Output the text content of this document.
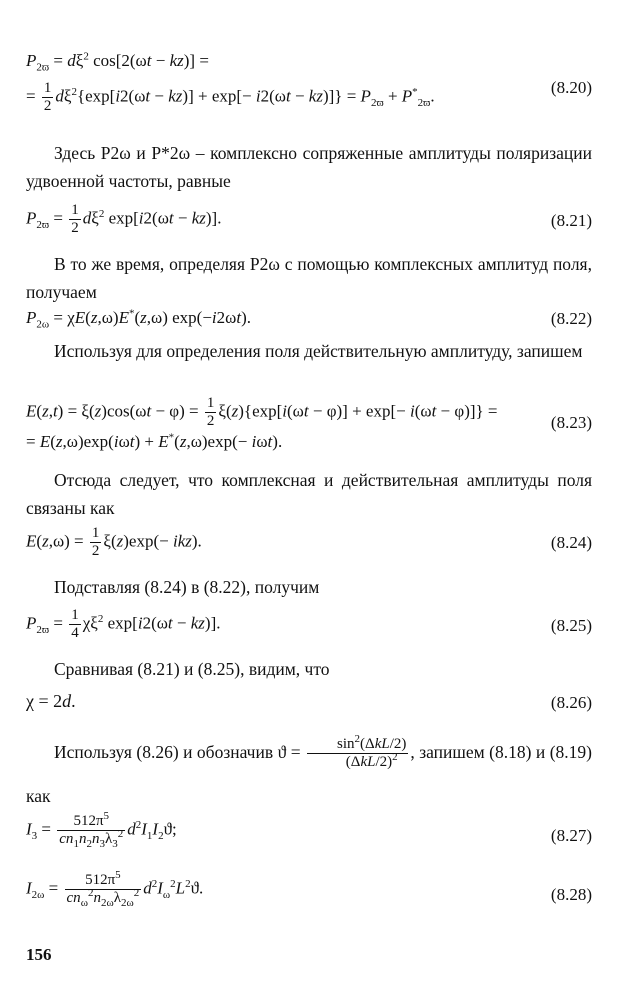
$P_{2ϖ} = d\xi^2$ cos[2(ωt − kz)] =
= $\frac{1}{2} d\xi^2\{\exp[i2(\omega t - kz)] + \exp[- i2(\omega t - kz)]\} = P_{2ϖ} + P^*_{2ϖ}$.	(8.20)
Здесь P2ω и P*2ω – комплексно сопряженные амплитуды поляризации удвоенной частоты, равные
$P_{2ϖ} = \frac{1}{2} d\xi^2$ exp[i2(ωt − kz)].	(8.21)
В то же время, определяя P2ω с помощью комплексных амплитуд поля, получаем
$P_{2\omega} = \chi E(z,\omega)E^*(z,\omega)$ exp(−i2ωt).	(8.22)
Используя для определения поля действительную амплитуду, запишем
$E(z,t) = \xi(z)\cos(\omega t - \varphi) = \frac{1}{2} \xi(z)\{\exp[i(\omega t - \varphi)] + \exp[- i(\omega t - \varphi)]\}$ =
= E(z,ω)exp(iωt) + E*(z,ω)exp(− iωt).
(8.23)
Отсюда следует, что комплексная и действительная амплитуды поля связаны как
$E(z,\omega) = \frac{1}{2} \xi(z)\exp(- ikz)$.	(8.24)
Подставляя (8.24) в (8.22), получим
$P_{2ϖ} = \frac{1}{4} \chi\xi^2$ exp[i2(ωt − kz)].	(8.25)
Сравнивая (8.21) и (8.25), видим, что
χ = 2d.	(8.26)
Используя (8.26) и обозначив $ϑ = \frac{\sin^2(\Delta kL/2)}{(\Delta kL/2)^2}$ , запишем (8.18) и (8.19) как
$I_3 = \frac{512\pi^5}{cn_1n_2n_3\lambda_3^2} d^2I_1I_2ϑ$;	(8.27)
$I_{2\omega} = \frac{512\pi^5}{cn_\omega^2n_{2\omega}\lambda_{2\omega}^2} d^2I_\omega^2L^2ϑ$.	(8.28)
156
